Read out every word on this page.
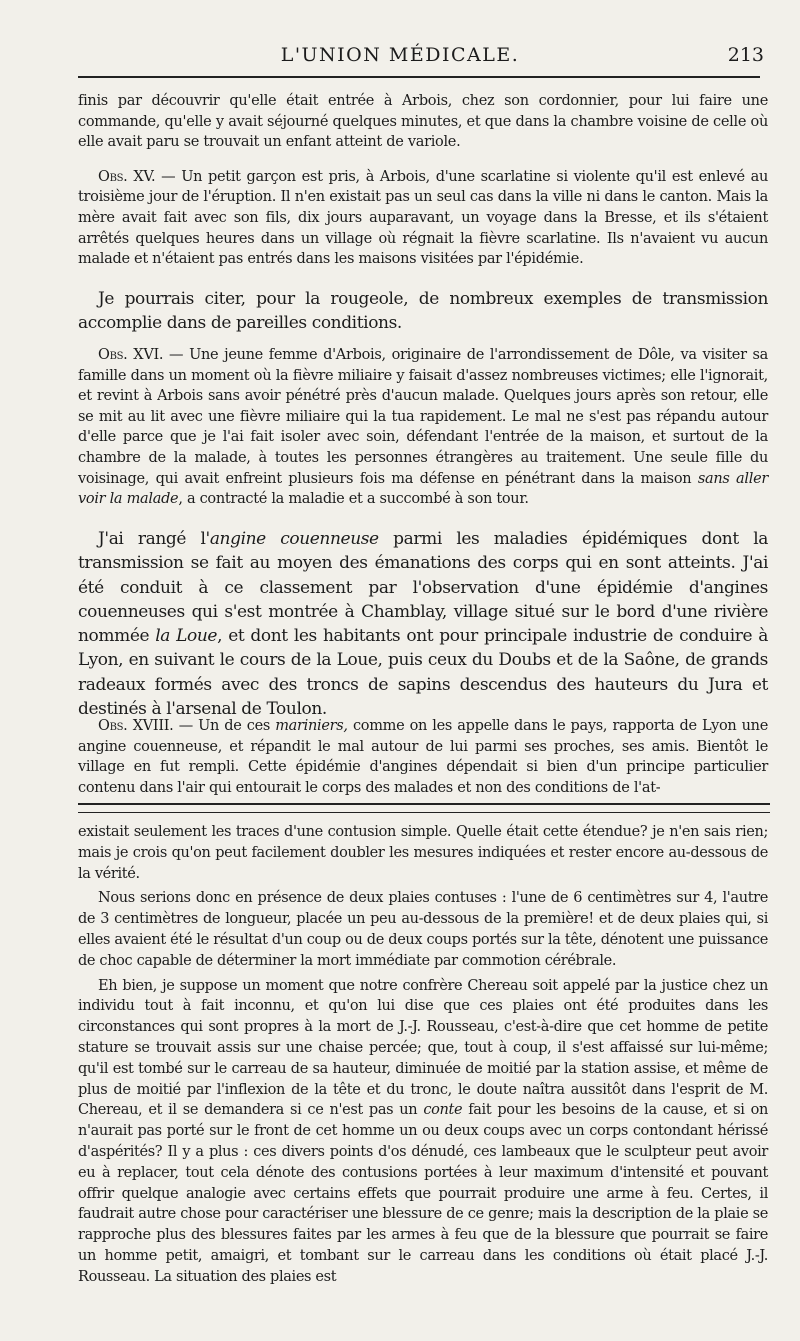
L'UNION MÉDICALE.	213
finis par découvrir qu'elle était entrée à Arbois, chez son cordonnier, pour lui faire une commande, qu'elle y avait séjourné quelques minutes, et que dans la chambre voisine de celle où elle avait paru se trouvait un enfant atteint de variole.
Obs. XV. — Un petit garçon est pris, à Arbois, d'une scarlatine si violente qu'il est enlevé au troisième jour de l'éruption. Il n'en existait pas un seul cas dans la ville ni dans le canton. Mais la mère avait fait avec son fils, dix jours auparavant, un voyage dans la Bresse, et ils s'étaient arrêtés quelques heures dans un village où régnait la fièvre scarlatine. Ils n'avaient vu aucun malade et n'étaient pas entrés dans les maisons visitées par l'épidémie.
Je pourrais citer, pour la rougeole, de nombreux exemples de transmission accomplie dans de pareilles conditions.
Obs. XVI. — Une jeune femme d'Arbois, originaire de l'arrondissement de Dôle, va visiter sa famille dans un moment où la fièvre miliaire y faisait d'assez nombreuses victimes; elle l'ignorait, et revint à Arbois sans avoir pénétré près d'aucun malade. Quelques jours après son retour, elle se mit au lit avec une fièvre miliaire qui la tua rapidement. Le mal ne s'est pas répandu autour d'elle parce que je l'ai fait isoler avec soin, défendant l'entrée de la maison, et surtout de la chambre de la malade, à toutes les personnes étrangères au traitement. Une seule fille du voisinage, qui avait enfreint plusieurs fois ma défense en pénétrant dans la maison sans aller voir la malade, a contracté la maladie et a succombé à son tour.
J'ai rangé l'angine couenneuse parmi les maladies épidémiques dont la transmission se fait au moyen des émanations des corps qui en sont atteints. J'ai été conduit à ce classement par l'observation d'une épidémie d'angines couenneuses qui s'est montrée à Chamblay, village situé sur le bord d'une rivière nommée la Loue, et dont les habitants ont pour principale industrie de conduire à Lyon, en suivant le cours de la Loue, puis ceux du Doubs et de la Saône, de grands radeaux formés avec des troncs de sapins descendus des hauteurs du Jura et destinés à l'arsenal de Toulon.
Obs. XVIII. — Un de ces mariniers, comme on les appelle dans le pays, rapporta de Lyon une angine couenneuse, et répandit le mal autour de lui parmi ses proches, ses amis. Bientôt le village en fut rempli. Cette épidémie d'angines dépendait si bien d'un principe particulier contenu dans l'air qui entourait le corps des malades et non des conditions de l'at-
existait seulement les traces d'une contusion simple. Quelle était cette étendue? je n'en sais rien; mais je crois qu'on peut facilement doubler les mesures indiquées et rester encore au-dessous de la vérité.
Nous serions donc en présence de deux plaies contuses : l'une de 6 centimètres sur 4, l'autre de 3 centimètres de longueur, placée un peu au-dessous de la première! et de deux plaies qui, si elles avaient été le résultat d'un coup ou de deux coups portés sur la tête, dénotent une puissance de choc capable de déterminer la mort immédiate par commotion cérébrale.
Eh bien, je suppose un moment que notre confrère Chereau soit appelé par la justice chez un individu tout à fait inconnu, et qu'on lui dise que ces plaies ont été produites dans les circonstances qui sont propres à la mort de J.-J. Rousseau, c'est-à-dire que cet homme de petite stature se trouvait assis sur une chaise percée; que, tout à coup, il s'est affaissé sur lui-même; qu'il est tombé sur le carreau de sa hauteur, diminuée de moitié par la station assise, et même de plus de moitié par l'inflexion de la tête et du tronc, le doute naîtra aussitôt dans l'esprit de M. Chereau, et il se demandera si ce n'est pas un conte fait pour les besoins de la cause, et si on n'aurait pas porté sur le front de cet homme un ou deux coups avec un corps contondant hérissé d'aspérités? Il y a plus : ces divers points d'os dénudé, ces lambeaux que le sculpteur peut avoir eu à replacer, tout cela dénote des contusions portées à leur maximum d'intensité et pouvant offrir quelque analogie avec certains effets que pourrait produire une arme à feu. Certes, il faudrait autre chose pour caractériser une blessure de ce genre; mais la description de la plaie se rapproche plus des blessures faites par les armes à feu que de la blessure que pourrait se faire un homme petit, amaigri, et tombant sur le carreau dans les conditions où était placé J.-J. Rousseau. La situation des plaies est
